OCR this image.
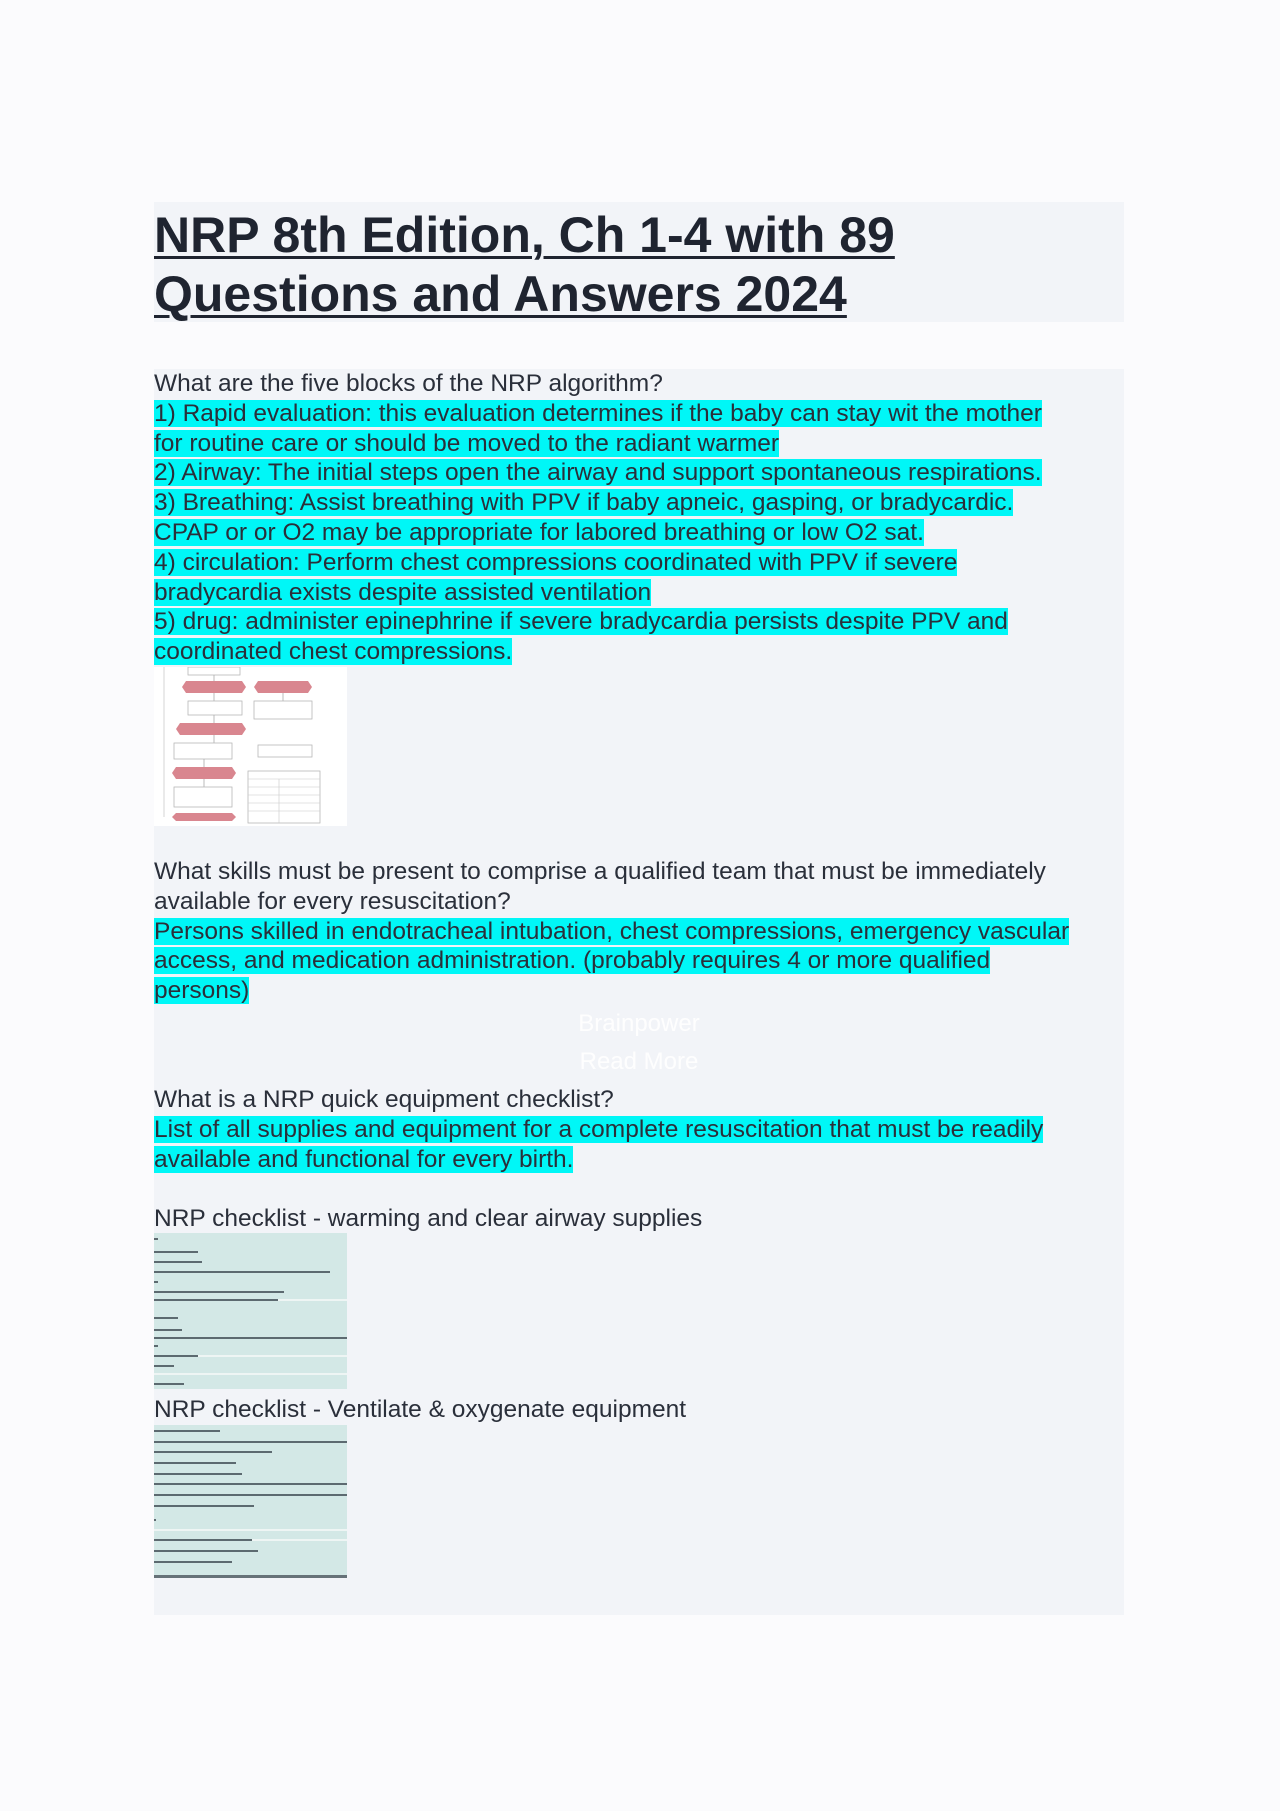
NRP 8th Edition, Ch 1-4 with 89
Questions and Answers 2024
What are the five blocks of the NRP algorithm?
1) Rapid evaluation: this evaluation determines if the baby can stay wit the mother
for routine care or should be moved to the radiant warmer
2) Airway: The initial steps open the airway and support spontaneous respirations.
3) Breathing: Assist breathing with PPV if baby apneic, gasping, or bradycardic.
CPAP or or O2 may be appropriate for labored breathing or low O2 sat.
4) circulation: Perform chest compressions coordinated with PPV if severe
bradycardia exists despite assisted ventilation
5) drug: administer epinephrine if severe bradycardia persists despite PPV and
coordinated chest compressions.
What skills must be present to comprise a qualified team that must be immediately
available for every resuscitation?
Persons skilled in endotracheal intubation, chest compressions, emergency vascular
access, and medication administration. (probably requires 4 or more qualified
persons)
Brainpower
Read More
What is a NRP quick equipment checklist?
List of all supplies and equipment for a complete resuscitation that must be readily
available and functional for every birth.
NRP checklist - warming and clear airway supplies
NRP checklist - Ventilate & oxygenate equipment
